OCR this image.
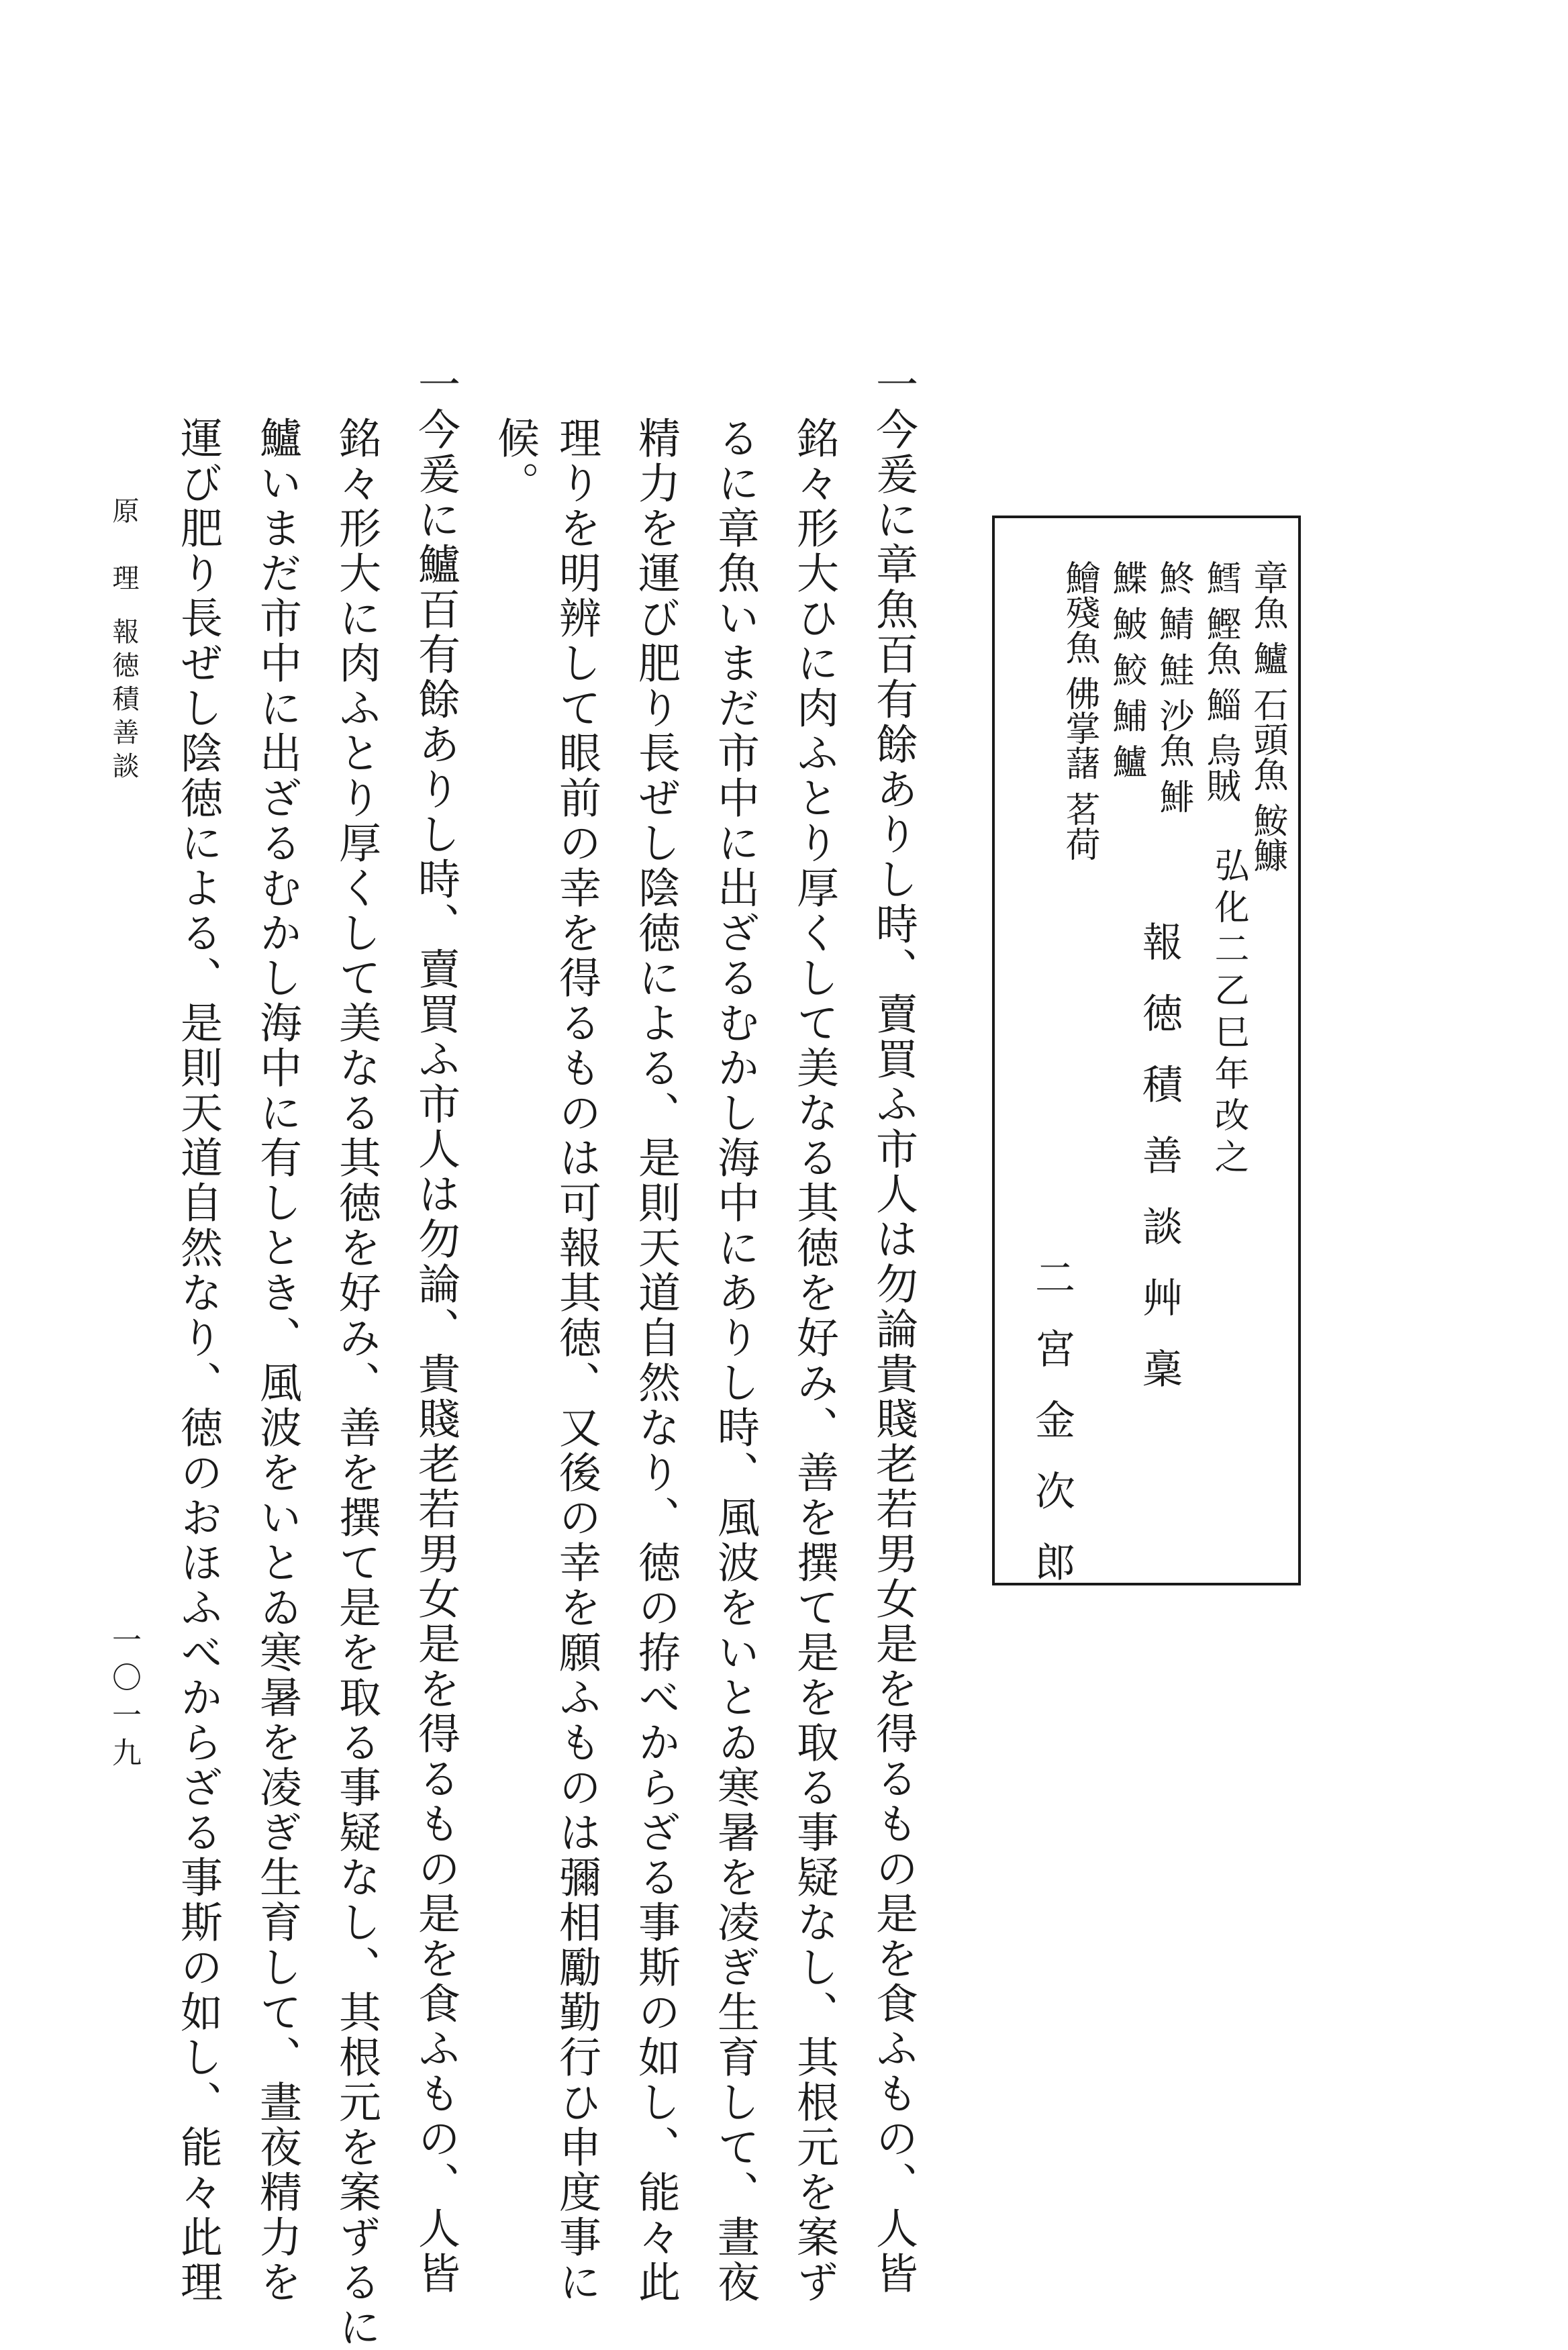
弘化二乙巳年改之
章魚 鱸 石頭魚 鮟鱇
鱈 鰹魚 鯔 烏賊
鮗 鯖 鮭 沙魚 鯡
鰈 鮍 鮫 鯆 鱸
鱠殘魚 佛掌藷 茗荷
報徳積善談艸稾
二宮金次郎
一今爰に章魚百有餘ありし時、賣買ふ市人は勿論貴賤老若男女是を得るもの是を食ふもの、人皆
銘々形大ひに肉ふとり厚くして美なる其徳を好み、善を撰て是を取る事疑なし、其根元を案ず
るに章魚いまだ市中に出ざるむかし海中にありし時、風波をいとゐ寒暑を凌ぎ生育して、晝夜
精力を運び肥り長ぜし陰徳による、是則天道自然なり、徳の拵べからざる事斯の如し、能々此
理りを明辨して眼前の幸を得るものは可報其徳、又後の幸を願ふものは彌相勵勤行ひ申度事に
候。
一今爰に鱸百有餘ありし時、賣買ふ市人は勿論、貴賤老若男女是を得るもの是を食ふもの、人皆
銘々形大に肉ふとり厚くして美なる其徳を好み、善を撰て是を取る事疑なし、其根元を案ずるに
鱸いまだ市中に出ざるむかし海中に有しとき、風波をいとゐ寒暑を凌ぎ生育して、晝夜精力を
運び肥り長ぜし陰徳による、是則天道自然なり、徳のおほふべからざる事斯の如し、能々此理
原理
報徳積善談
一〇一九
